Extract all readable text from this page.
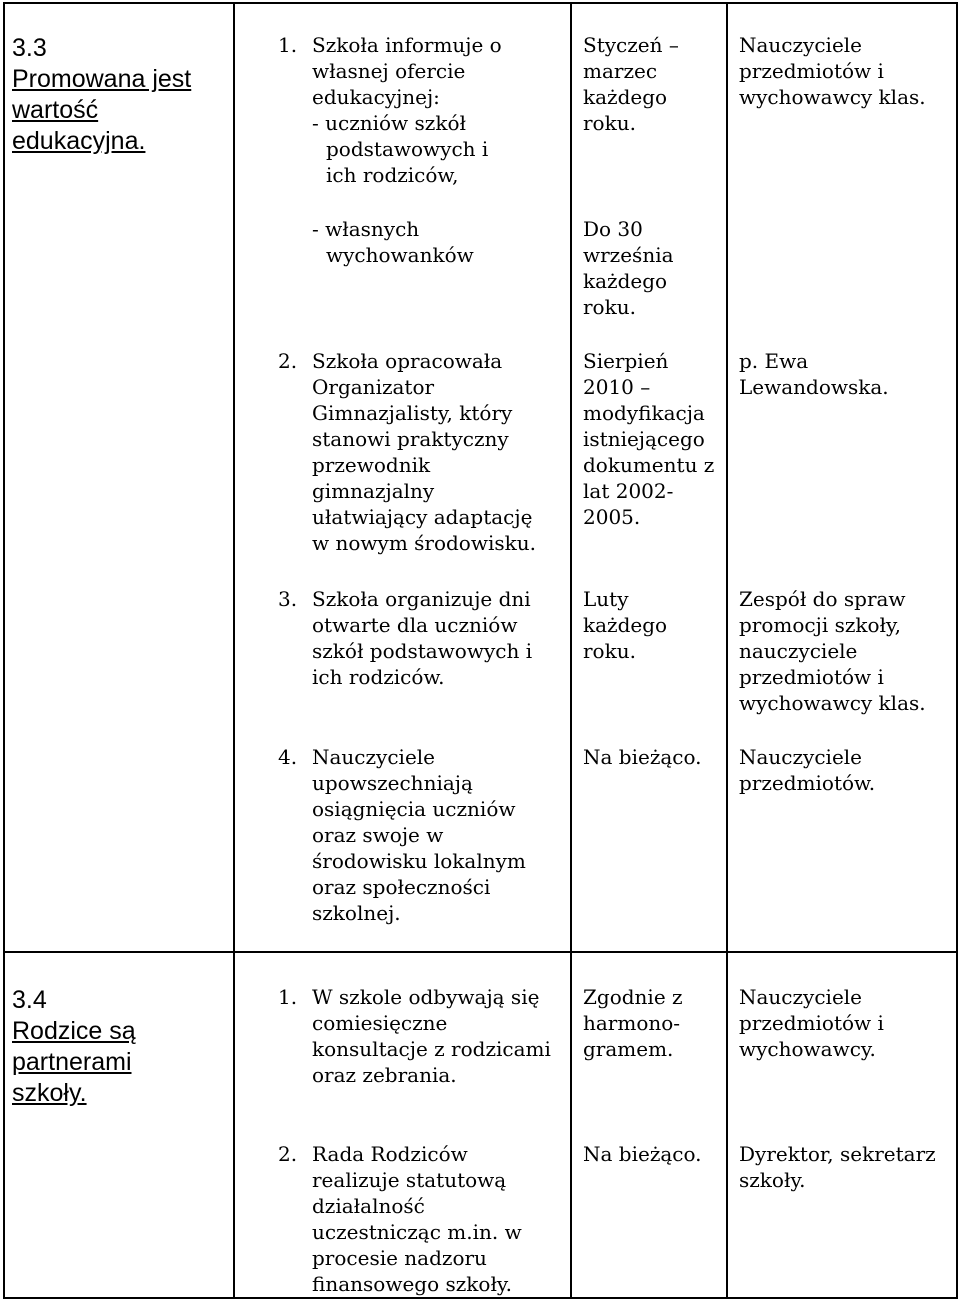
3.3
Promowana jest
wartość
edukacyjna.
1. Szkoła informuje o własnej ofercie edukacyjnej:
- uczniów szkół podstawowych i ich rodziców,
- własnych wychowanków
Styczeń – marzec każdego roku.
Do 30 września każdego roku.
Nauczyciele przedmiotów i wychowawcy klas.
2. Szkoła opracowała Organizator Gimnazjalisty, który stanowi praktyczny przewodnik gimnazjalny ułatwiający adaptację w nowym środowisku.
Sierpień 2010 – modyfikacja istniejącego dokumentu z lat 2002-2005.
p. Ewa Lewandowska.
3. Szkoła organizuje dni otwarte dla uczniów szkół podstawowych i ich rodziców.
Luty każdego roku.
Zespół do spraw promocji szkoły, nauczyciele przedmiotów i wychowawcy klas.
4. Nauczyciele upowszechniają osiągnięcia uczniów oraz swoje w środowisku lokalnym oraz społeczności szkolnej.
Na bieżąco.	Nauczyciele przedmiotów.
3.4
Rodzice są
partnerami
szkoły.
1. W szkole odbywają się comiesięczne konsultacje z rodzicami oraz zebrania.
Zgodnie z harmono-gramem.
Nauczyciele przedmiotów i wychowawcy.
2. Rada Rodziców realizuje statutową działalność uczestnicząc m.in. w procesie nadzoru finansowego szkoły.
Na bieżąco.	Dyrektor, sekretarz szkoły.
